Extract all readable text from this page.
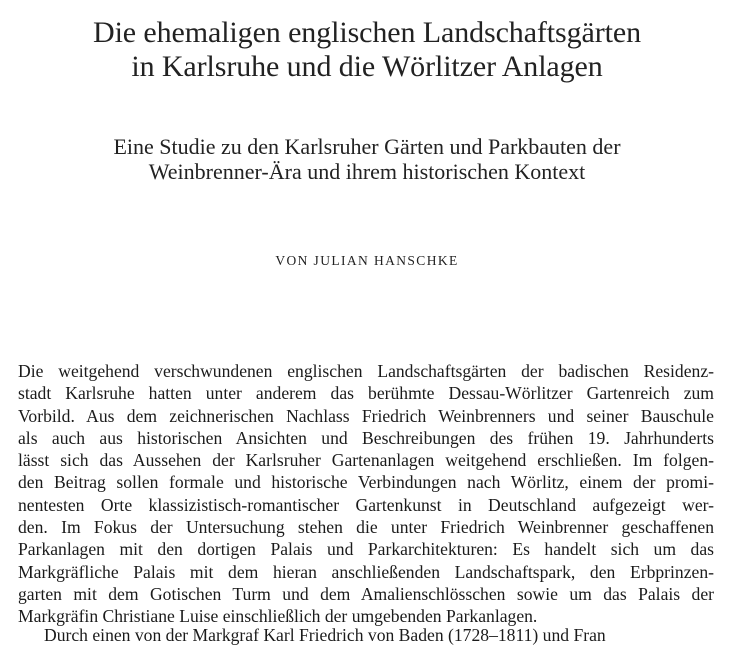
Die ehemaligen englischen Landschaftsgärten
in Karlsruhe und die Wörlitzer Anlagen
Eine Studie zu den Karlsruher Gärten und Parkbauten der
Weinbrenner-Ära und ihrem historischen Kontext

VON JULIAN HANSCHKE

Die weitgehend verschwundenen englischen Landschaftsgärten der badischen Residenz-
stadt Karlsruhe hatten unter anderem das berühmte Dessau-Wörlitzer Gartenreich zum
Vorbild. Aus dem zeichnerischen Nachlass Friedrich Weinbrenners und seiner Bauschule
als auch aus historischen Ansichten und Beschreibungen des frühen 19. Jahrhunderts
lässt sich das Aussehen der Karlsruher Gartenanlagen weitgehend erschließen. Im folgen-
den Beitrag sollen formale und historische Verbindungen nach Wörlitz, einem der promi-
nentesten Orte klassizistisch-romantischer Gartenkunst in Deutschland aufgezeigt wer-
den. Im Fokus der Untersuchung stehen die unter Friedrich Weinbrenner geschaffenen
Parkanlagen mit den dortigen Palais und Parkarchitekturen: Es handelt sich um das
Markgräfliche Palais mit dem hieran anschließenden Landschaftspark, den Erbprinzen-
garten mit dem Gotischen Turm und dem Amalienschlösschen sowie um das Palais der
Markgräfin Christiane Luise einschließlich der umgebenden Parkanlagen.

Durch einen von der Markgraf Karl Friedrich von Baden (1728–1811) und Fran
